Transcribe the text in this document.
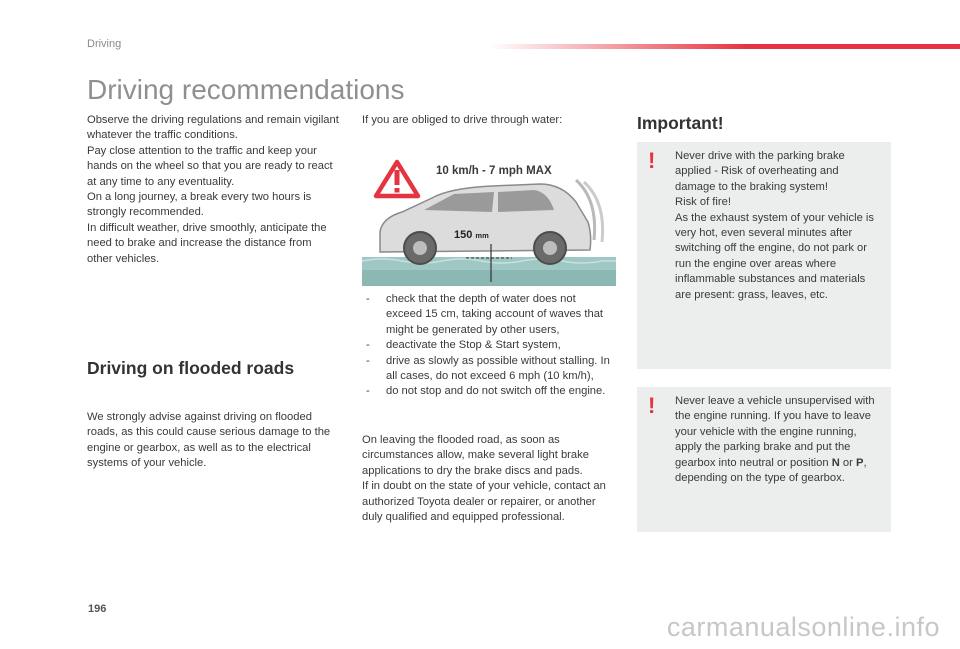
Driving
Driving recommendations

Observe the driving regulations and remain vigilant whatever the traffic conditions.

Pay close attention to the traffic and keep your hands on the wheel so that you are ready to react at any time to any eventuality.

On a long journey, a break every two hours is strongly recommended.

In difficult weather, drive smoothly, anticipate the need to brake and increase the distance from other vehicles.

Driving on flooded roads

We strongly advise against driving on flooded roads, as this could cause serious damage to the engine or gearbox, as well as to the electrical systems of your vehicle.

If you are obliged to drive through water:

10 km/h - 7 mph MAX
150 mm
- check that the depth of water does not exceed 15 cm, taking account of waves that might be generated by other users,
- deactivate the Stop & Start system,
- drive as slowly as possible without stalling. In all cases, do not exceed 6 mph (10 km/h),
- do not stop and do not switch off the engine.

On leaving the flooded road, as soon as circumstances allow, make several light brake applications to dry the brake discs and pads.

If in doubt on the state of your vehicle, contact an authorized Toyota dealer or repairer, or another duly qualified and equipped professional.

Important!
! Never drive with the parking brake applied - Risk of overheating and damage to the braking system!

Risk of fire!

As the exhaust system of your vehicle is very hot, even several minutes after switching off the engine, do not park or run the engine over areas where inflammable substances and materials are present: grass, leaves, etc.

! Never leave a vehicle unsupervised with the engine running. If you have to leave your vehicle with the engine running, apply the parking brake and put the gearbox into neutral or position N or P, depending on the type of gearbox.

196
carmanualsonline.info
